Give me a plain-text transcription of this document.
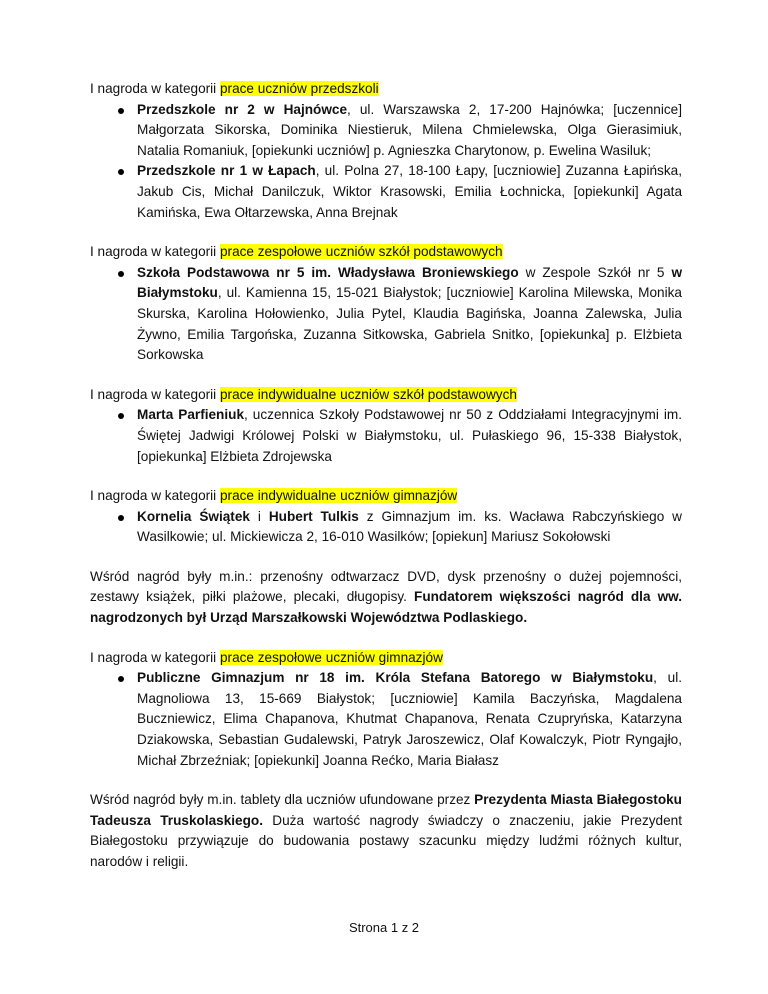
I nagroda w kategorii prace uczniów przedszkoli

Przedszkole nr 2 w Hajnówce, ul. Warszawska 2, 17-200 Hajnówka; [uczennice] Małgorzata Sikorska, Dominika Niestieruk, Milena Chmielewska, Olga Gierasimiuk, Natalia Romaniuk, [opiekunki uczniów] p. Agnieszka Charytonow, p. Ewelina Wasiluk;
Przedszkole nr 1 w Łapach, ul. Polna 27, 18-100 Łapy, [uczniowie] Zuzanna Łapińska, Jakub Cis, Michał Danilczuk, Wiktor Krasowski, Emilia Łochnicka, [opiekunki] Agata Kamińska, Ewa Ołtarzewska, Anna Brejnak

I nagroda w kategorii prace zespołowe uczniów szkół podstawowych

Szkoła Podstawowa nr 5 im. Władysława Broniewskiego w Zespole Szkół nr 5 w Białymstoku, ul. Kamienna 15, 15-021 Białystok; [uczniowie] Karolina Milewska, Monika Skurska, Karolina Hołowienko, Julia Pytel, Klaudia Bagińska, Joanna Zalewska, Julia Żywno, Emilia Targońska, Zuzanna Sitkowska, Gabriela Snitko, [opiekunka] p. Elżbieta Sorkowska

I nagroda w kategorii prace indywidualne uczniów szkół podstawowych

Marta Parfieniuk, uczennica Szkoły Podstawowej nr 50 z Oddziałami Integracyjnymi im. Świętej Jadwigi Królowej Polski w Białymstoku, ul. Pułaskiego 96, 15-338 Białystok, [opiekunka] Elżbieta Zdrojewska

I nagroda w kategorii prace indywidualne uczniów gimnazjów

Kornelia Świątek i Hubert Tulkis z Gimnazjum im. ks. Wacława Rabczyńskiego w Wasilkowie; ul. Mickiewicza 2, 16-010 Wasilków; [opiekun] Mariusz Sokołowski

Wśród nagród były m.in.: przenośny odtwarzacz DVD, dysk przenośny o dużej pojemności, zestawy książek, piłki plażowe, plecaki, długopisy. Fundatorem większości nagród dla ww. nagrodzonych był Urząd Marszałkowski Województwa Podlaskiego.

I nagroda w kategorii prace zespołowe uczniów gimnazjów

Publiczne Gimnazjum nr 18 im. Króla Stefana Batorego w Białymstoku, ul. Magnoliowa 13, 15-669 Białystok; [uczniowie] Kamila Baczyńska, Magdalena Buczniewicz, Elima Chapanova, Khutmat Chapanova, Renata Czupryńska, Katarzyna Dziakowska, Sebastian Gudalewski, Patryk Jaroszewicz, Olaf Kowalczyk, Piotr Ryngajło, Michał Zbrzeźniak; [opiekunki] Joanna Rećko, Maria Białasz

Wśród nagród były m.in. tablety dla uczniów ufundowane przez Prezydenta Miasta Białegostoku Tadeusza Truskolaskiego. Duża wartość nagrody świadczy o znaczeniu, jakie Prezydent Białegostoku przywiązuje do budowania postawy szacunku między ludźmi różnych kultur, narodów i religii.

Strona 1 z 2
